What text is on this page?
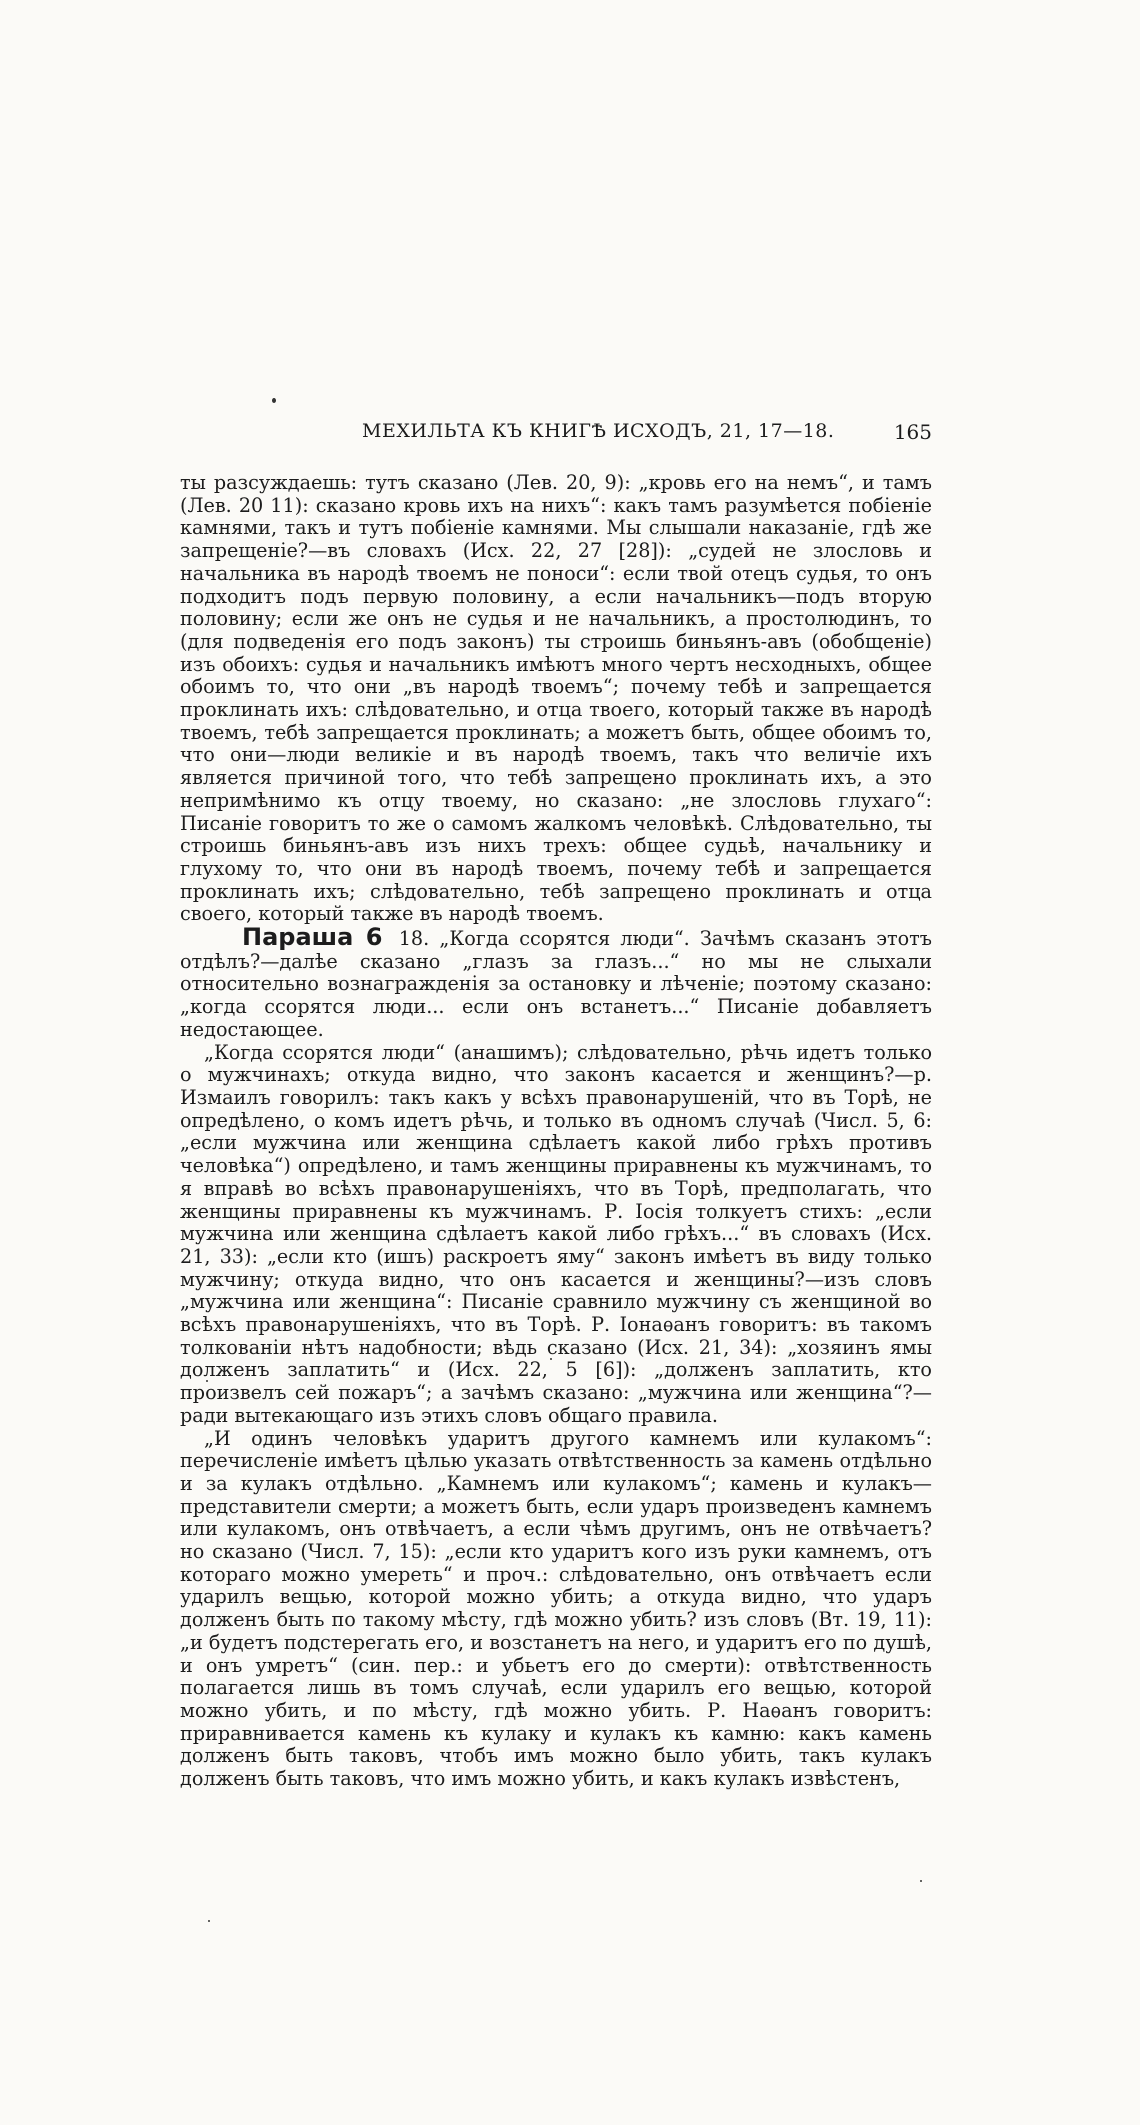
МЕХИЛЬТА КЪ КНИГѢ ИСХОДЪ, 21, 17—18.	165

ты разсуждаешь: тутъ сказано (Лев. 20, 9): „кровь его на немъ“, и тамъ (Лев. 20 11): сказано кровь ихъ на нихъ“: какъ тамъ разумѣется побіеніе камнями, такъ и тутъ побіеніе камнями. Мы слышали наказаніе, гдѣ же запрещеніе?—въ словахъ (Исх. 22, 27 [28]): „судей не злословь и начальника въ народѣ твоемъ не поноси“: если твой отецъ судья, то онъ подходитъ подъ первую половину, а если начальникъ—подъ вторую половину; если же онъ не судья и не начальникъ, а простолюдинъ, то (для подведенія его подъ законъ) ты строишь биньянъ-авъ (обобщеніе) изъ обоихъ: судья и начальникъ имѣютъ много чертъ несходныхъ, общее обоимъ то, что они „въ народѣ твоемъ“; почему тебѣ и запрещается проклинать ихъ: слѣдовательно, и отца твоего, который также въ народѣ твоемъ, тебѣ запрещается проклинать; а можетъ быть, общее обоимъ то, что они—люди великіе и въ народѣ твоемъ, такъ что величіе ихъ является причиной того, что тебѣ запрещено проклинать ихъ, а это непримѣнимо къ отцу твоему, но сказано: „не злословь глухаго“: Писаніе говоритъ то же о самомъ жалкомъ человѣкѣ. Слѣдовательно, ты строишь биньянъ-авъ изъ нихъ трехъ: общее судьѣ, начальнику и глухому то, что они въ народѣ твоемъ, почему тебѣ и запрещается проклинать ихъ; слѣдовательно, тебѣ запрещено проклинать и отца своего, который также въ народѣ твоемъ.

Параша 6 18. „Когда ссорятся люди“. Зачѣмъ сказанъ этотъ отдѣлъ?—далѣе сказано „глазъ за глазъ...“ но мы не слыхали относительно вознагражденія за остановку и лѣченіе; поэтому сказано: „когда ссорятся люди... если онъ встанетъ...“ Писаніе добавляетъ недостающее.

„Когда ссорятся люди“ (анашимъ); слѣдовательно, рѣчь идетъ только о мужчинахъ; откуда видно, что законъ касается и женщинъ?—р. Измаилъ говорилъ: такъ какъ у всѣхъ правонарушеній, что въ Торѣ, не опредѣлено, о комъ идетъ рѣчь, и только въ одномъ случаѣ (Числ. 5, 6: „если мужчина или женщина сдѣлаетъ какой либо грѣхъ противъ человѣка“) опредѣлено, и тамъ женщины приравнены къ мужчинамъ, то я вправѣ во всѣхъ правонарушеніяхъ, что въ Торѣ, предполагать, что женщины приравнены къ мужчинамъ. Р. Іосія толкуетъ стихъ: „если мужчина или женщина сдѣлаетъ какой либо грѣхъ...“ въ словахъ (Исх. 21, 33): „если кто (ишъ) раскроетъ яму“ законъ имѣетъ въ виду только мужчину; откуда видно, что онъ касается и женщины?—изъ словъ „мужчина или женщина“: Писаніе сравнило мужчину съ женщиной во всѣхъ правонарушеніяхъ, что въ Торѣ. Р. Іонаѳанъ говоритъ: въ такомъ толкованіи нѣтъ надобности; вѣдь сказано (Исх. 21, 34): „хозяинъ ямы долженъ заплатить“ и (Исх. 22, 5 [6]): „долженъ заплатить, кто произвелъ сей пожаръ“; а зачѣмъ сказано: „мужчина или женщина“?—ради вытекающаго изъ этихъ словъ общаго правила.

„И одинъ человѣкъ ударитъ другого камнемъ или кулакомъ“: перечисленіе имѣетъ цѣлью указать отвѣтственность за камень отдѣльно и за кулакъ отдѣльно. „Камнемъ или кулакомъ“; камень и кулакъ—представители смерти; а можетъ быть, если ударъ произведенъ камнемъ или кулакомъ, онъ отвѣчаетъ, а если чѣмъ другимъ, онъ не отвѣчаетъ? но сказано (Числ. 7, 15): „если кто ударитъ кого изъ руки камнемъ, отъ котораго можно умереть“ и проч.: слѣдовательно, онъ отвѣчаетъ если ударилъ вещью, которой можно убить; а откуда видно, что ударъ долженъ быть по такому мѣсту, гдѣ можно убить? изъ словъ (Вт. 19, 11): „и будетъ подстерегать его, и возстанетъ на него, и ударитъ его по душѣ, и онъ умретъ“ (син. пер.: и убьетъ его до смерти): отвѣтственность полагается лишь въ томъ случаѣ, если ударилъ его вещью, которой можно убить, и по мѣсту, гдѣ можно убить. Р. Наѳанъ говоритъ: приравнивается камень къ кулаку и кулакъ къ камню: какъ камень долженъ быть таковъ, чтобъ имъ можно было убить, такъ кулакъ долженъ быть таковъ, что имъ можно убить, и какъ кулакъ извѣстенъ,
